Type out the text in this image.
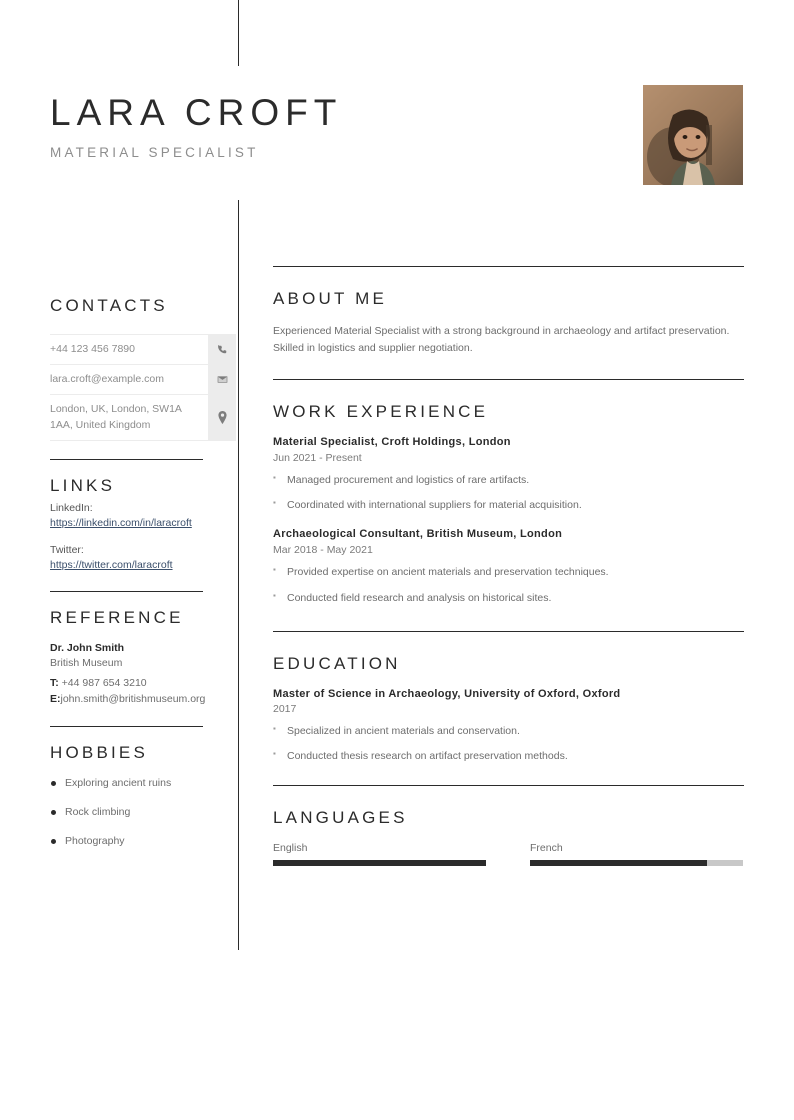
LARA CROFT
MATERIAL SPECIALIST
CONTACTS
+44 123 456 7890
lara.croft@example.com
London, UK, London, SW1A 1AA, United Kingdom
LINKS
LinkedIn:
https://linkedin.com/in/laracroft
Twitter:
https://twitter.com/laracroft
REFERENCE
Dr. John Smith
British Museum
T: +44 987 654 3210
E:john.smith@britishmuseum.org
HOBBIES
Exploring ancient ruins
Rock climbing
Photography
ABOUT ME

Experienced Material Specialist with a strong background in archaeology and artifact preservation. Skilled in logistics and supplier negotiation.

WORK EXPERIENCE
Material Specialist, Croft Holdings, London
Jun 2021 - Present
▪ Managed procurement and logistics of rare artifacts.
▪ Coordinated with international suppliers for material acquisition.
Archaeological Consultant, British Museum, London
Mar 2018 - May 2021
▪ Provided expertise on ancient materials and preservation techniques.
▪ Conducted field research and analysis on historical sites.
EDUCATION
Master of Science in Archaeology, University of Oxford, Oxford
2017
▪ Specialized in ancient materials and conservation.
▪ Conducted thesis research on artifact preservation methods.
LANGUAGES
English	French
